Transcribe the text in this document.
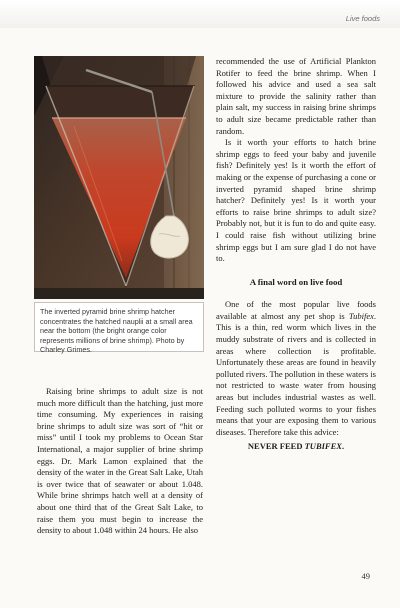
Live foods
The inverted pyramid brine shrimp hatcher concentrates the hatched nauplii at a small area near the bottom (the bright orange color represents millions of brine shrimp). Photo by Charley Grimes.

Raising brine shrimps to adult size is not much more difficult than the hatching, just more time consuming. My experiences in raising brine shrimps to adult size was sort of “hit or miss” until I took my problems to Ocean Star International, a major supplier of brine shrimp eggs. Dr. Mark Lamon explained that the density of the water in the Great Salt Lake, Utah is over twice that of seawater or about 1.048. While brine shrimps hatch well at a density of about one third that of the Great Salt Lake, to raise them you must begin to increase the density to about 1.048 within 24 hours. He also

recommended the use of Artificial Plankton Rotifer to feed the brine shrimp. When I followed his advice and used a sea salt mixture to provide the salinity rather than plain salt, my success in raising brine shrimps to adult size became predictable rather than random.

Is it worth your efforts to hatch brine shrimp eggs to feed your baby and juvenile fish? Definitely yes! Is it worth the effort of making or the expense of purchasing a cone or inverted pyramid shaped brine shrimp hatcher? Definitely yes! Is it worth your efforts to raise brine shrimps to adult size? Probably not, but it is fun to do and quite easy. I could raise fish without utilizing brine shrimp eggs but I am sure glad I do not have to.

A final word on live food

One of the most popular live foods available at almost any pet shop is Tubifex. This is a thin, red worm which lives in the muddy substrate of rivers and is collected in areas where collection is profitable. Unfortunately these areas are found in heavily polluted rivers. The pollution in these waters is not restricted to waste water from housing areas but includes industrial wastes as well. Feeding such polluted worms to your fishes means that your are exposing them to various diseases. Therefore take this advice:

NEVER FEED TUBIFEX.

49
